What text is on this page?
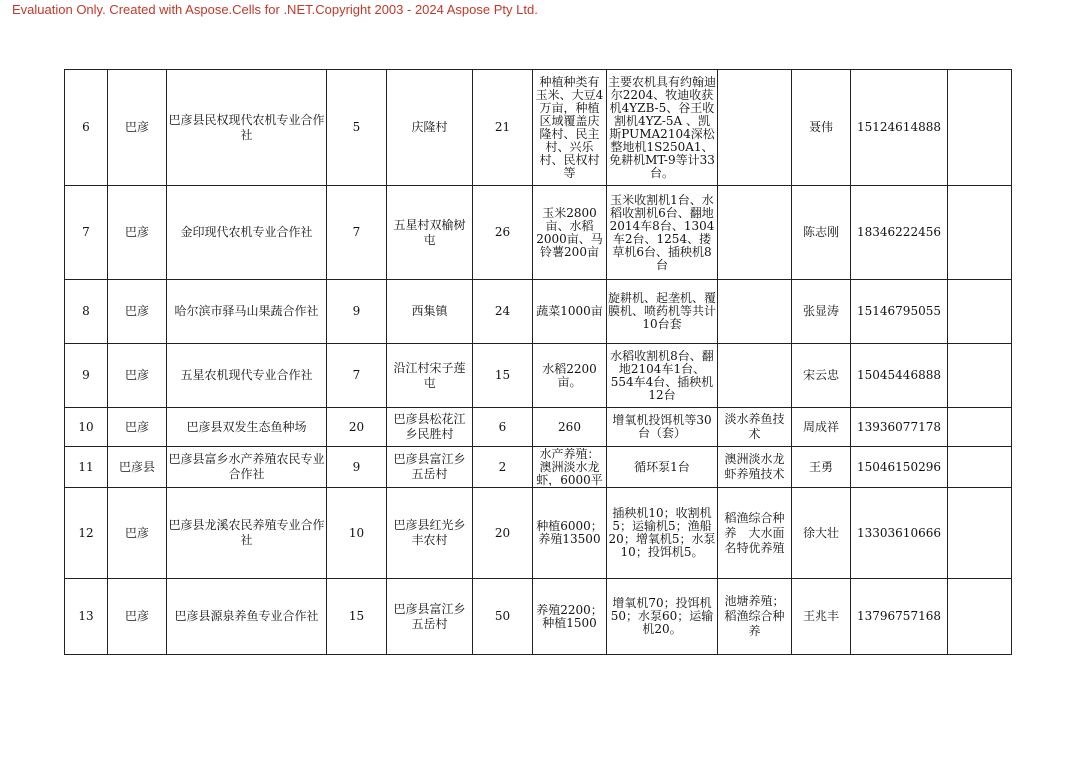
Evaluation Only. Created with Aspose.Cells for .NET.Copyright 2003 - 2024 Aspose Pty Ltd.
6	巴彦	巴彦县民权现代农机专业合作社	5	庆隆村	21	种植种类有玉米、大豆4万亩，种植区域覆盖庆隆村、民主村、兴乐村、民权村等	主要农机具有约翰迪尔2204、牧迪收获机4YZB-5、谷王收割机4YZ-5A 、凯斯PUMA2104深松整地机1S250A1、免耕机MT-9等计33台。		聂伟	15124614888	

7	巴彦	金印现代农机专业合作社	7	五星村双榆树屯	26	玉米2800亩、水稻2000亩、马铃薯200亩	玉米收割机1台、水稻收割机6台、翻地2014车8台、1304车2台、1254、搂草机6台、插秧机8台		陈志刚	18346222456	

8	巴彦	哈尔滨市驿马山果蔬合作社	9	西集镇	24	蔬菜1000亩	旋耕机、起垄机、覆膜机、喷药机等共计10台套		张显涛	15146795055	

9	巴彦	五星农机现代专业合作社	7	沿江村宋子莲屯	15	水稻2200亩。	水稻收割机8台、翻地2104车1台、554车4台、插秧机12台		宋云忠	15045446888	

10	巴彦	巴彦县双发生态鱼种场	20	巴彦县松花江乡民胜村	6	260	增氧机投饵机等30台（套）	淡水养鱼技术	周成祥	13936077178	

11	巴彦县	巴彦县富乡水产养殖农民专业合作社	9	巴彦县富江乡五岳村	2	水产养殖：澳洲淡水龙虾，6000平	循环泵1台	澳洲淡水龙虾养殖技术	王勇	15046150296	

12	巴彦	巴彦县龙溪农民养殖专业合作社	10	巴彦县红光乡丰农村	20	种植6000；养殖13500	插秧机10；收割机5；运输机5；渔船20；增氧机5；水泵10；投饵机5。	稻渔综合种养　大水面名特优养殖	徐大壮	13303610666	

13	巴彦	巴彦县源泉养鱼专业合作社	15	巴彦县富江乡五岳村	50	养殖2200；种植1500	增氧机70；投饵机50；水泵60；运输机20。	池塘养殖；稻渔综合种养	王兆丰	13796757168	
